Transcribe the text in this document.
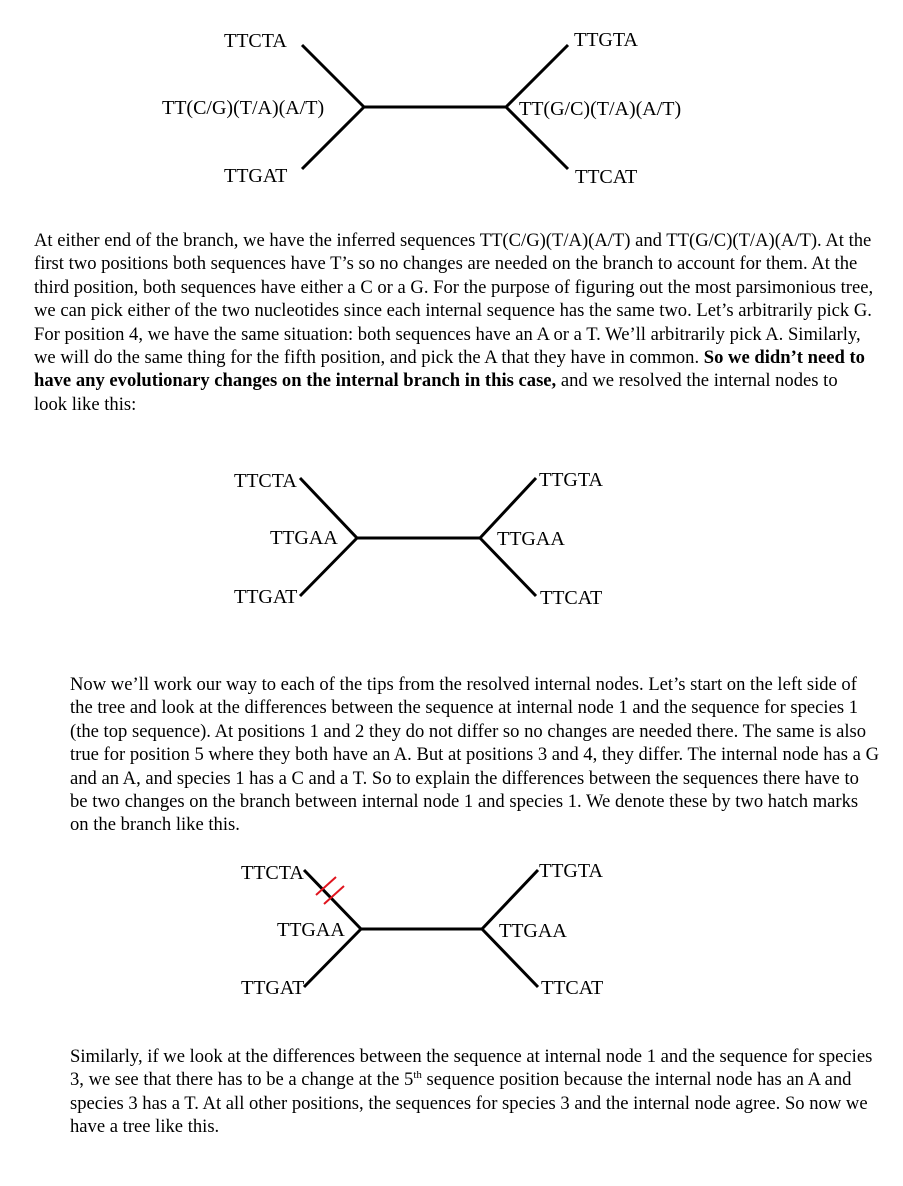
TTCTA	TTGTA
TT(C/G)(T/A)(A/T)	TT(G/C)(T/A)(A/T)
TTGAT	TTCAT

At either end of the branch, we have the inferred sequences TT(C/G)(T/A)(A/T) and TT(G/C)(T/A)(A/T). At the first two positions both sequences have T’s so no changes are needed on the branch to account for them. At the third position, both sequences have either a C or a G. For the purpose of figuring out the most parsimonious tree, we can pick either of the two nucleotides since each internal sequence has the same two. Let’s arbitrarily pick G. For position 4, we have the same situation: both sequences have an A or a T. We’ll arbitrarily pick A. Similarly, we will do the same thing for the fifth position, and pick the A that they have in common. So we didn’t need to have any evolutionary changes on the internal branch in this case, and we resolved the internal nodes to look like this:

TTCTA	TTGTA
TTGAA	TTGAA
TTGAT	TTCAT

Now we’ll work our way to each of the tips from the resolved internal nodes. Let’s start on the left side of the tree and look at the differences between the sequence at internal node 1 and the sequence for species 1 (the top sequence). At positions 1 and 2 they do not differ so no changes are needed there. The same is also true for position 5 where they both have an A. But at positions 3 and 4, they differ. The internal node has a G and an A, and species 1 has a C and a T. So to explain the differences between the sequences there have to be two changes on the branch between internal node 1 and species 1. We denote these by two hatch marks on the branch like this.

TTCTA	TTGTA
TTGAA	TTGAA
TTGAT	TTCAT

Similarly, if we look at the differences between the sequence at internal node 1 and the sequence for species 3, we see that there has to be a change at the 5th sequence position because the internal node has an A and species 3 has a T. At all other positions, the sequences for species 3 and the internal node agree. So now we have a tree like this.
